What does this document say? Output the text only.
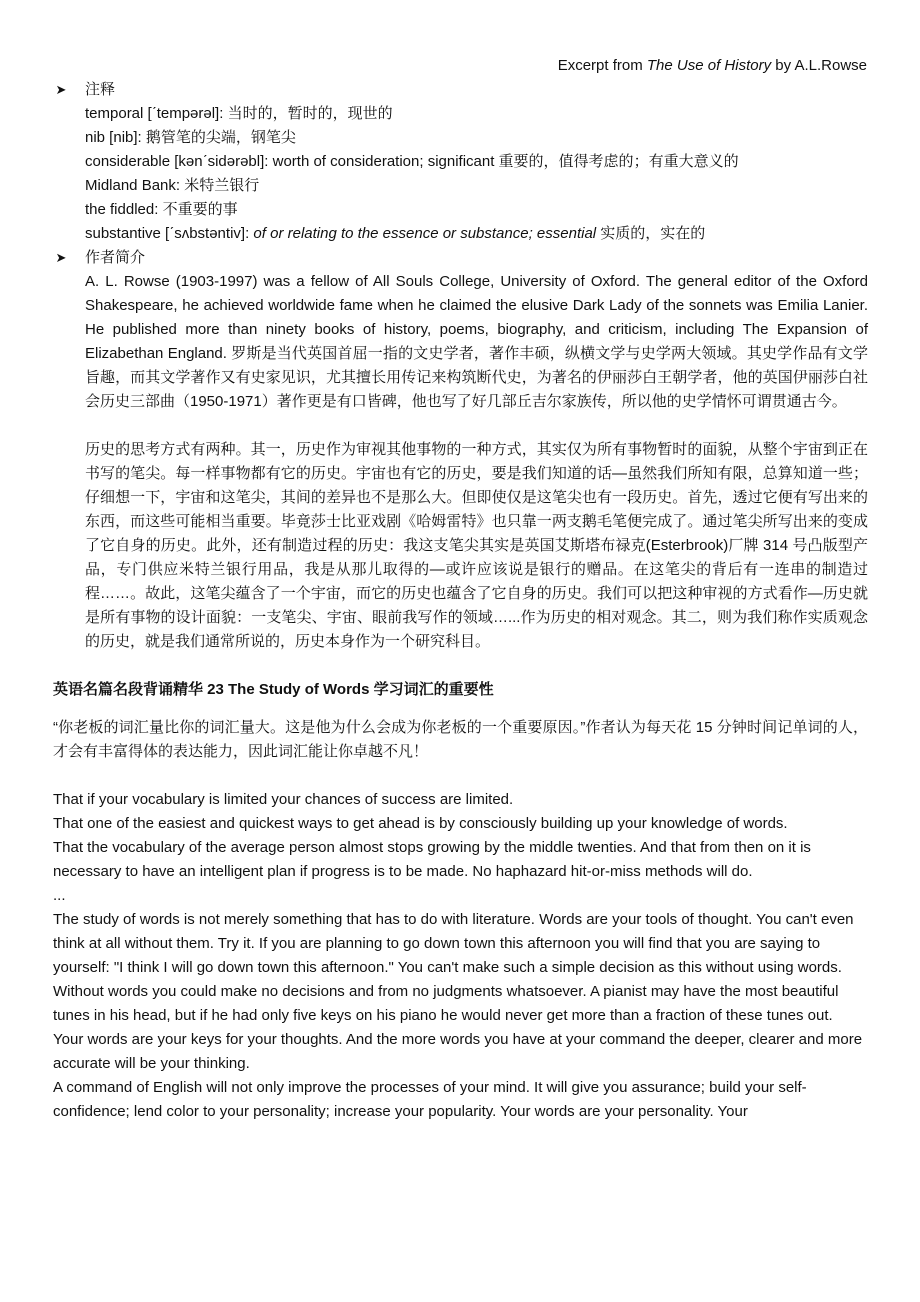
Excerpt from The Use of History by A.L.Rowse
➤ 注释
temporal [ˊtempərəl]: 当时的，暂时的，现世的
nib [nib]: 鹅管笔的尖端，钢笔尖
considerable [kənˊsidərəbl]: worth of consideration; significant 重要的，值得考虑的；有重大意义的
Midland Bank: 米特兰银行
the fiddled: 不重要的事
substantive [ˊsʌbstəntiv]: of or relating to the essence or substance; essential 实质的，实在的
➤ 作者简介

A. L. Rowse (1903-1997) was a fellow of All Souls College, University of Oxford. The general editor of the Oxford Shakespeare, he achieved worldwide fame when he claimed the elusive Dark Lady of the sonnets was Emilia Lanier. He published more than ninety books of history, poems, biography, and criticism, including The Expansion of Elizabethan England. 罗斯是当代英国首屈一指的文史学者，著作丰硕，纵横文学与史学两大领域。其史学作品有文学旨趣，而其文学著作又有史家见识，尤其擅长用传记来构筑断代史，为著名的伊丽莎白王朝学者，他的英国伊丽莎白社会历史三部曲（1950-1971）著作更是有口皆碑，他也写了好几部丘吉尔家族传，所以他的史学情怀可谓贯通古今。

历史的思考方式有两种。其一，历史作为审视其他事物的一种方式，其实仅为所有事物暂时的面貌，从整个宇宙到正在书写的笔尖。每一样事物都有它的历史。宇宙也有它的历史，要是我们知道的话—虽然我们所知有限，总算知道一些；仔细想一下，宇宙和这笔尖，其间的差异也不是那么大。但即使仅是这笔尖也有一段历史。首先，透过它便有写出来的东西，而这些可能相当重要。毕竟莎士比亚戏剧《哈姆雷特》也只靠一两支鹅毛笔便完成了。通过笔尖所写出来的变成了它自身的历史。此外，还有制造过程的历史：我这支笔尖其实是英国艾斯塔布禄克(Esterbrook)厂牌 314 号凸版型产品，专门供应米特兰银行用品，我是从那儿取得的—或许应该说是银行的赠品。在这笔尖的背后有一连串的制造过程……。故此，这笔尖蕴含了一个宇宙，而它的历史也蕴含了它自身的历史。我们可以把这种审视的方式看作—历史就是所有事物的设计面貌：一支笔尖、宇宙、眼前我写作的领域…...作为历史的相对观念。其二，则为我们称作实质观念的历史，就是我们通常所说的，历史本身作为一个研究科目。

英语名篇名段背诵精华 23 The Study of Words 学习词汇的重要性

“你老板的词汇量比你的词汇量大。这是他为什么会成为你老板的一个重要原因。”作者认为每天花 15 分钟时间记单词的人，才会有丰富得体的表达能力，因此词汇能让你卓越不凡！

That if your vocabulary is limited your chances of success are limited.

That one of the easiest and quickest ways to get ahead is by consciously building up your knowledge of words.

That the vocabulary of the average person almost stops growing by the middle twenties. And that from then on it is necessary to have an intelligent plan if progress is to be made. No haphazard hit-or-miss methods will do.

...

The study of words is not merely something that has to do with literature. Words are your tools of thought. You can't even think at all without them. Try it. If you are planning to go down town this afternoon you will find that you are saying to yourself: "I think I will go down town this afternoon." You can't make such a simple decision as this without using words.

Without words you could make no decisions and from no judgments whatsoever. A pianist may have the most beautiful tunes in his head, but if he had only five keys on his piano he would never get more than a fraction of these tunes out.

Your words are your keys for your thoughts. And the more words you have at your command the deeper, clearer and more accurate will be your thinking.

A command of English will not only improve the processes of your mind. It will give you assurance; build your self-confidence; lend color to your personality; increase your popularity. Your words are your personality. Your
